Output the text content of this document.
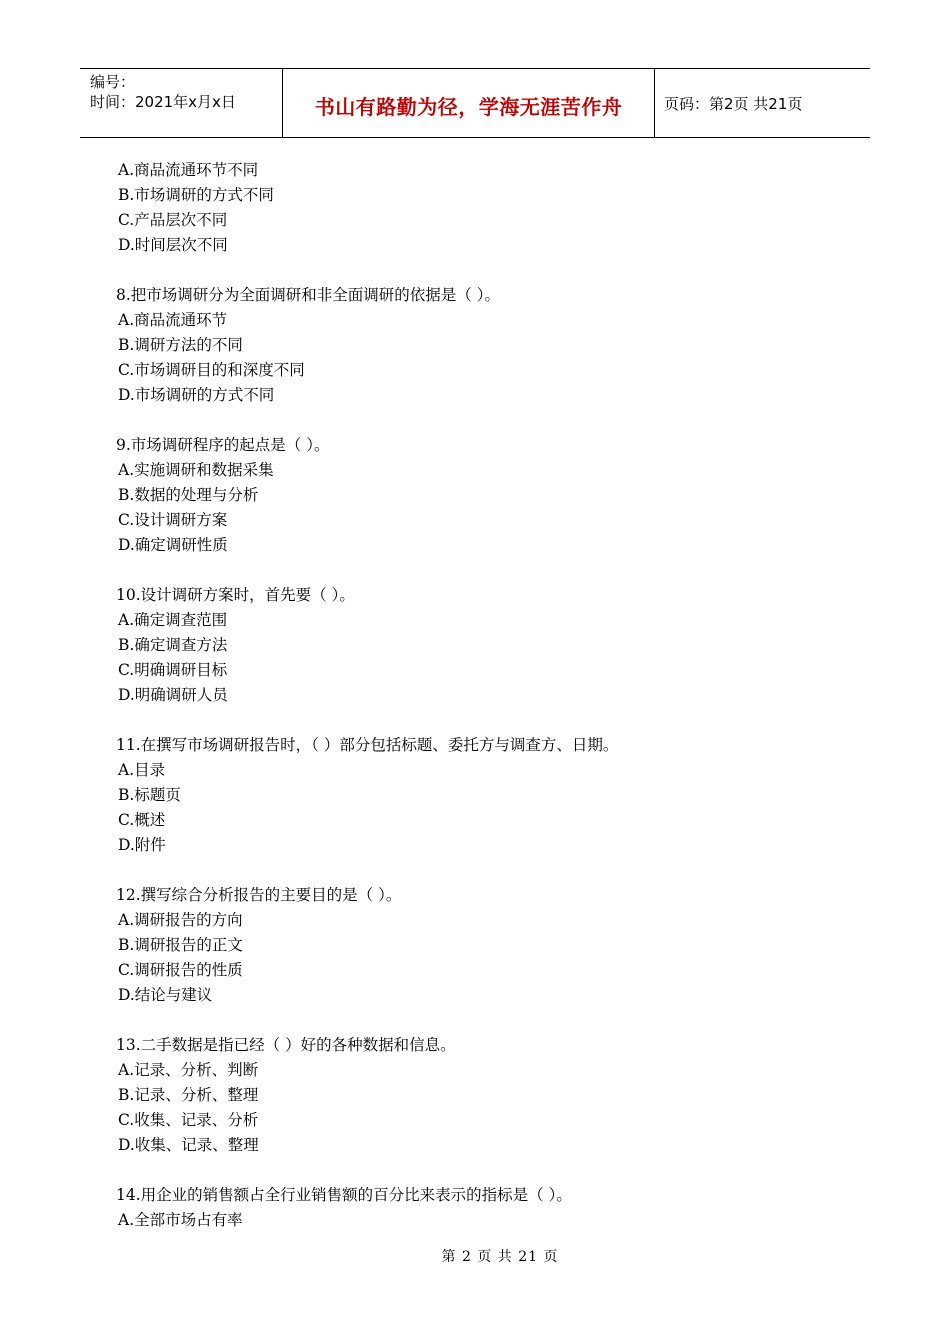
编号：
时间：2021年x月x日	书山有路勤为径，学海无涯苦作舟	页码：第2页 共21页
A.商品流通环节不同
B.市场调研的方式不同
C.产品层次不同
D.时间层次不同
8.把市场调研分为全面调研和非全面调研的依据是（ ）。
A.商品流通环节
B.调研方法的不同
C.市场调研目的和深度不同
D.市场调研的方式不同
9.市场调研程序的起点是（ ）。
A.实施调研和数据采集
B.数据的处理与分析
C.设计调研方案
D.确定调研性质
10.设计调研方案时，首先要（ ）。
A.确定调查范围
B.确定调查方法
C.明确调研目标
D.明确调研人员
11.在撰写市场调研报告时，（ ）部分包括标题、委托方与调查方、日期。
A.目录
B.标题页
C.概述
D.附件
12.撰写综合分析报告的主要目的是（ ）。
A.调研报告的方向
B.调研报告的正文
C.调研报告的性质
D.结论与建议
13.二手数据是指已经（ ）好的各种数据和信息。
A.记录、分析、判断
B.记录、分析、整理
C.收集、记录、分析
D.收集、记录、整理
14.用企业的销售额占全行业销售额的百分比来表示的指标是（ ）。
A.全部市场占有率
第 2 页 共 21 页
